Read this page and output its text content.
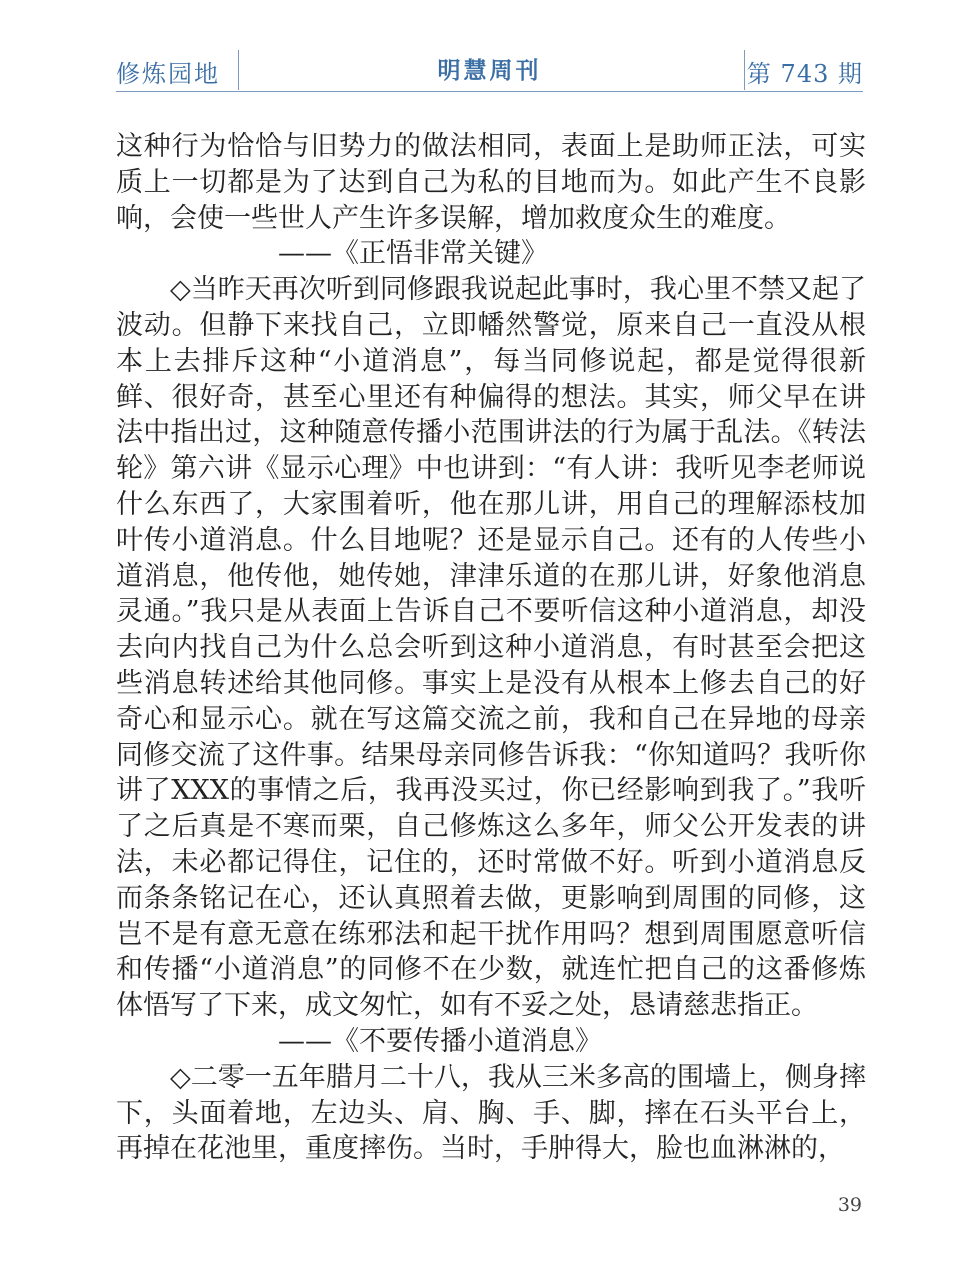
修炼园地	明慧周刊	第 743 期

这种行为恰恰与旧势力的做法相同，表面上是助师正法，可实质上一切都是为了达到自己为私的目地而为。如此产生不良影响，会使一些世人产生许多误解，增加救度众生的难度。

——《正悟非常关键》

◇当昨天再次听到同修跟我说起此事时，我心里不禁又起了波动。但静下来找自己，立即幡然警觉，原来自己一直没从根本上去排斥这种“小道消息”，每当同修说起，都是觉得很新鲜、很好奇，甚至心里还有种偏得的想法。其实，师父早在讲法中指出过，这种随意传播小范围讲法的行为属于乱法。《转法轮》第六讲《显示心理》中也讲到：“有人讲：我听见李老师说什么东西了，大家围着听，他在那儿讲，用自己的理解添枝加叶传小道消息。什么目地呢？还是显示自己。还有的人传些小道消息，他传他，她传她，津津乐道的在那儿讲，好象他消息灵通。”我只是从表面上告诉自己不要听信这种小道消息，却没去向内找自己为什么总会听到这种小道消息，有时甚至会把这些消息转述给其他同修。事实上是没有从根本上修去自己的好奇心和显示心。就在写这篇交流之前，我和自己在异地的母亲同修交流了这件事。结果母亲同修告诉我：“你知道吗？我听你讲了XXX的事情之后，我再没买过，你已经影响到我了。”我听了之后真是不寒而栗，自己修炼这么多年，师父公开发表的讲法，未必都记得住，记住的，还时常做不好。听到小道消息反而条条铭记在心，还认真照着去做，更影响到周围的同修，这岂不是有意无意在练邪法和起干扰作用吗？想到周围愿意听信和传播“小道消息”的同修不在少数，就连忙把自己的这番修炼体悟写了下来，成文匆忙，如有不妥之处，恳请慈悲指正。

——《不要传播小道消息》

◇二零一五年腊月二十八，我从三米多高的围墙上，侧身摔下，头面着地，左边头、肩、胸、手、脚，摔在石头平台上，再掉在花池里，重度摔伤。当时，手肿得大，脸也血淋淋的，

39
